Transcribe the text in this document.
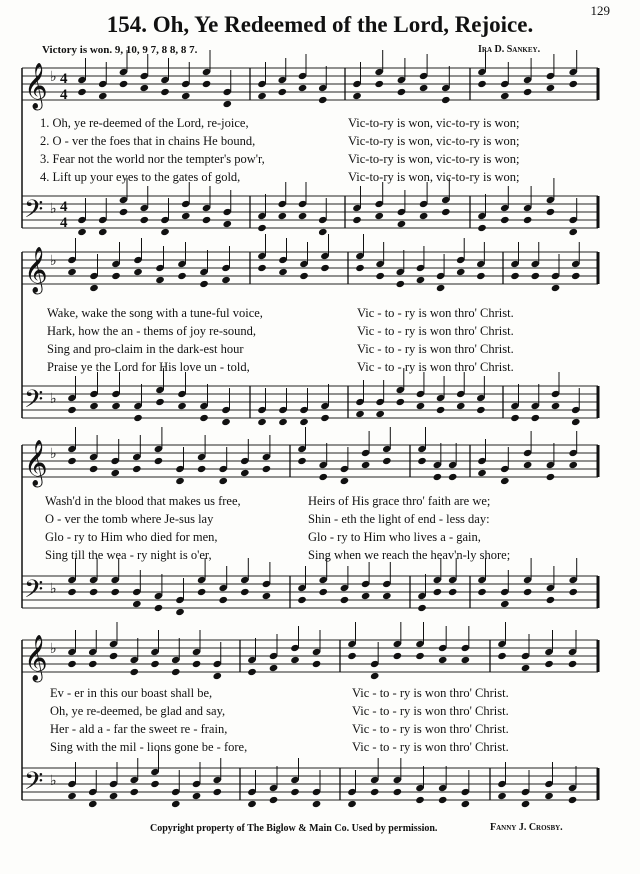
𝄞 ♭ 4
4
𝄢 ♭ 4
4
𝄞 ♭
𝄢 ♭
𝄞 ♭
𝄢 ♭
𝄞 ♭
𝄢 ♭
129
154. Oh, Ye Redeemed of the Lord, Rejoice.
Victory is won. 9, 10, 9 7, 8 8, 8 7.	Ira D. Sankey.
1. Oh, ye re-deemed of the Lord, re-joice,	Vic-to-ry is won, vic-to-ry is won;
2. O - ver the foes that in chains He bound,	Vic-to-ry is won, vic-to-ry is won;
3. Fear not the world nor the tempter's pow'r,	Vic-to-ry is won, vic-to-ry is won;
4. Lift up your eyes to the gates of gold,	Vic-to-ry is won, vic-to-ry is won;
Wake, wake the song with a tune-ful voice,	Vic - to - ry is won thro' Christ.
Hark, how the an - thems of joy re-sound,	Vic - to - ry is won thro' Christ.
Sing and pro-claim in the dark-est hour	Vic - to - ry is won thro' Christ.
Praise ye the Lord for His love un - told,	Vic - to - ry is won thro' Christ.
Wash'd in the blood that makes us free,	Heirs of His grace thro' faith are we;
O - ver the tomb where Je-sus lay	Shin - eth the light of end - less day:
Glo - ry to Him who died for men,	Glo - ry to Him who lives a - gain,
Sing till the wea - ry night is o'er,	Sing when we reach the heav'n-ly shore;
Ev - er in this our boast shall be,	Vic - to - ry is won thro' Christ.
Oh, ye re-deemed, be glad and say,	Vic - to - ry is won thro' Christ.
Her - ald a - far the sweet re - frain,	Vic - to - ry is won thro' Christ.
Sing with the mil - lions gone be - fore,	Vic - to - ry is won thro' Christ.
Copyright property of The Biglow & Main Co. Used by permission.	Fanny J. Crosby.
